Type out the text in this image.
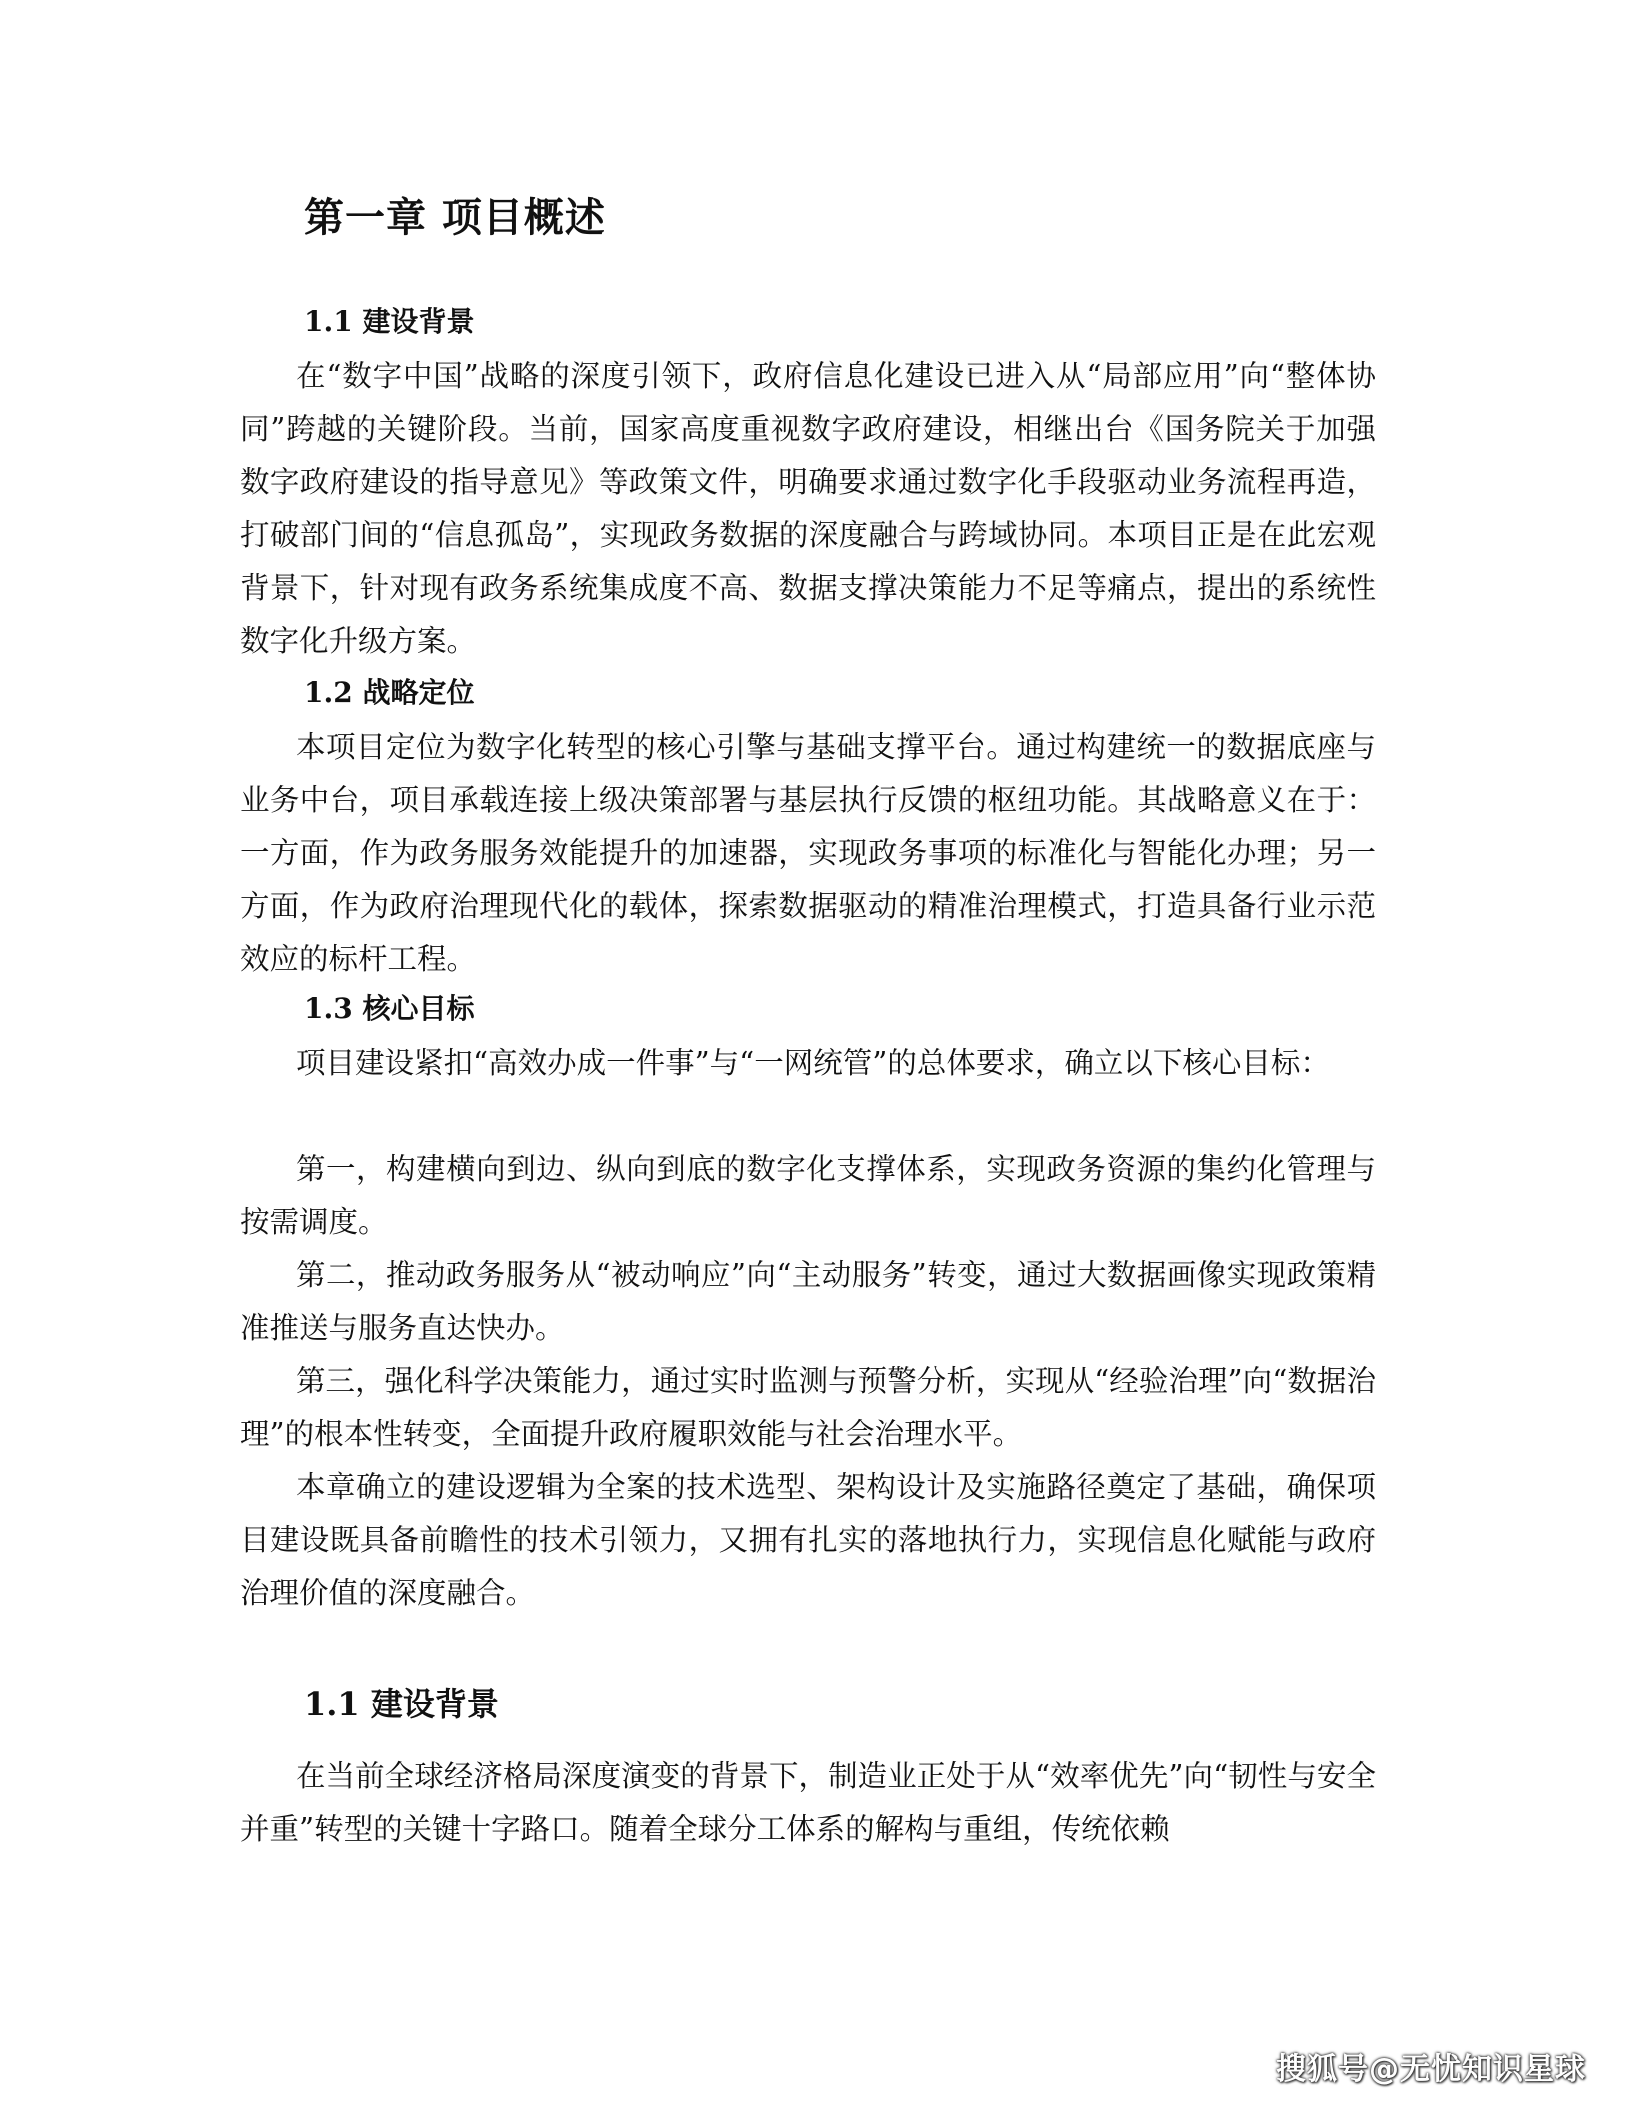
第一章 项目概述
1.1 建设背景

在“数字中国”战略的深度引领下，政府信息化建设已进入从“局部应用”向“整体协同”跨越的关键阶段。当前，国家高度重视数字政府建设，相继出台《国务院关于加强数字政府建设的指导意见》等政策文件，明确要求通过数字化手段驱动业务流程再造，打破部门间的“信息孤岛”，实现政务数据的深度融合与跨域协同。本项目正是在此宏观背景下，针对现有政务系统集成度不高、数据支撑决策能力不足等痛点，提出的系统性数字化升级方案。

1.2 战略定位

本项目定位为数字化转型的核心引擎与基础支撑平台。通过构建统一的数据底座与业务中台，项目承载连接上级决策部署与基层执行反馈的枢纽功能。其战略意义在于：一方面，作为政务服务效能提升的加速器，实现政务事项的标准化与智能化办理；另一方面，作为政府治理现代化的载体，探索数据驱动的精准治理模式，打造具备行业示范效应的标杆工程。

1.3 核心目标

项目建设紧扣“高效办成一件事”与“一网统管”的总体要求，确立以下核心目标：

第一，构建横向到边、纵向到底的数字化支撑体系，实现政务资源的集约化管理与按需调度。

第二，推动政务服务从“被动响应”向“主动服务”转变，通过大数据画像实现政策精准推送与服务直达快办。

第三，强化科学决策能力，通过实时监测与预警分析，实现从“经验治理”向“数据治理”的根本性转变，全面提升政府履职效能与社会治理水平。

本章确立的建设逻辑为全案的技术选型、架构设计及实施路径奠定了基础，确保项目建设既具备前瞻性的技术引领力，又拥有扎实的落地执行力，实现信息化赋能与政府治理价值的深度融合。

1.1 建设背景

在当前全球经济格局深度演变的背景下，制造业正处于从“效率优先”向“韧性与安全并重”转型的关键十字路口。随着全球分工体系的解构与重组，传统依赖

搜狐号@无忧知识星球
